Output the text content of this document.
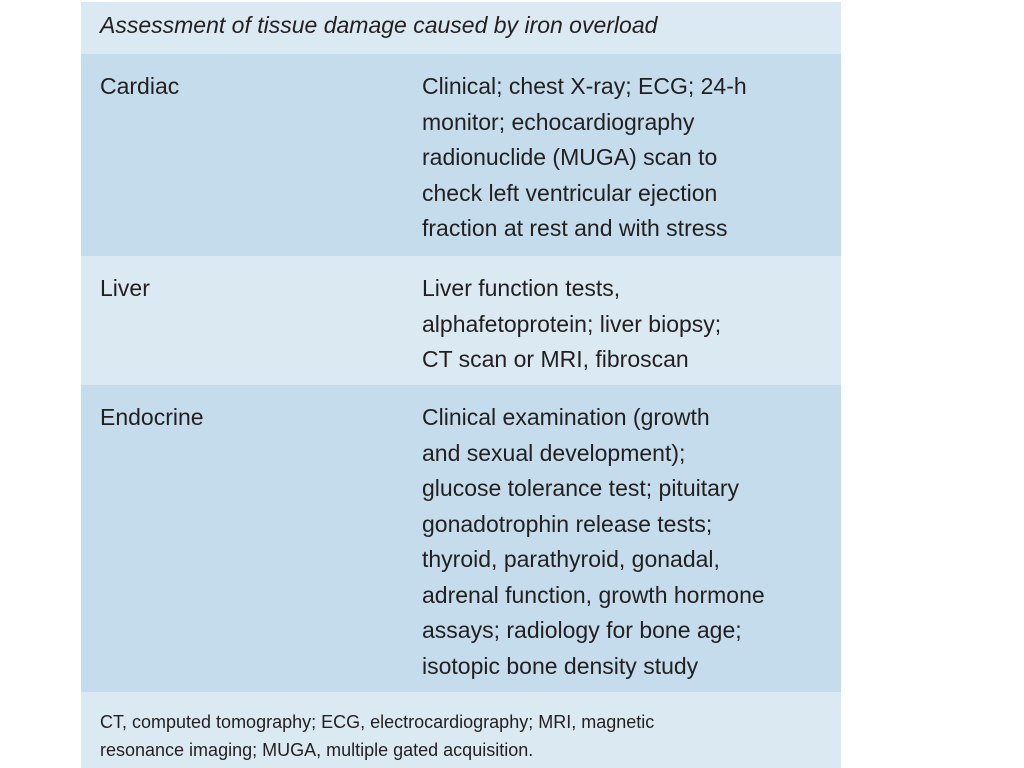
Assessment of tissue damage caused by iron overload
Cardiac	Clinical; chest X-ray; ECG; 24-h
monitor; echocardiography
radionuclide (MUGA) scan to
check left ventricular ejection
fraction at rest and with stress
Liver	Liver function tests,
alphafetoprotein; liver biopsy;
CT scan or MRI, fibroscan
Endocrine	Clinical examination (growth
and sexual development);
glucose tolerance test; pituitary
gonadotrophin release tests;
thyroid, parathyroid, gonadal,
adrenal function, growth hormone
assays; radiology for bone age;
isotopic bone density study
CT, computed tomography; ECG, electrocardiography; MRI, magnetic
resonance imaging; MUGA, multiple gated acquisition.
